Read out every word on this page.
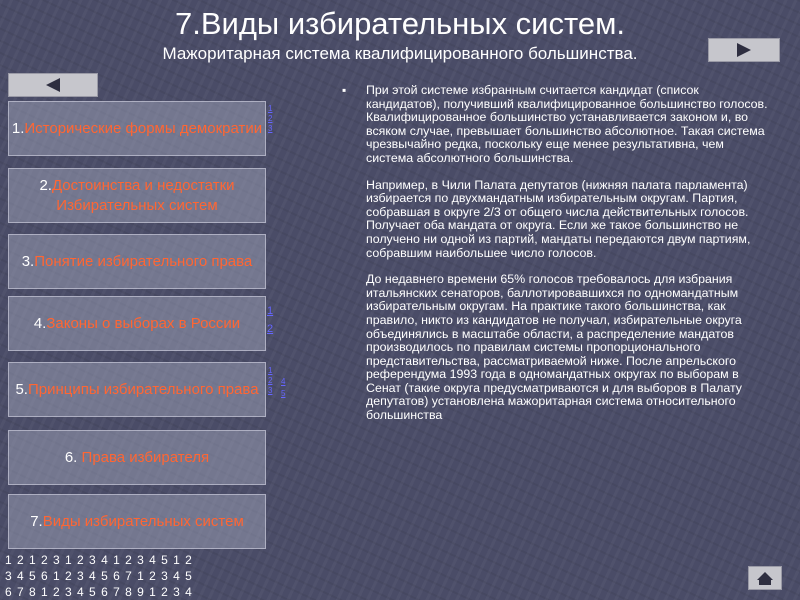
7.Виды избирательных систем.
Мажоритарная система квалифицированного большинства.
1.Исторические формы демократии
2.Достоинства и недостатки Избирательных систем
3.Понятие избирательного права
4.Законы о выборах в России
5.Принципы избирательного права
6. Права избирателя
7.Виды избирательных систем
1
2
3
1
2
1
2
3
4
5
▪ При этой системе избранным считается кандидат (список кандидатов), получивший квалифицированное большинство голосов. Квалифицированное большинство устанавливается законом и, во всяком случае, превышает большинство абсолютное. Такая система чрезвычайно редка, поскольку еще менее результативна, чем система абсолютного большинства.

Например, в Чили Палата депутатов (нижняя палата парламента) избирается по двухмандатным избирательным округам. Партия, собравшая в округе 2/3 от общего числа действительных голосов. Получает оба мандата от округа. Если же такое большинство не получено ни одной из партий, мандаты передаются двум партиям, собравшим наибольшее число голосов.

До недавнего времени 65% голосов требовалось для избрания итальянских сенаторов, баллотировавшихся по одномандатным избирательным округам. На практике такого большинства, как правило, никто из кандидатов не получал, избирательные округа объединялись в масштабе области, а распределение мандатов производилось по правилам системы пропорционального представительства, рассматриваемой ниже. После апрельского референдума 1993 года в одномандатных округах по выборам в Сенат (такие округа предусматриваются и для выборов в Палату депутатов) установлена мажоритарная система относительного большинства

1 2 1 2 3 1 2 3 4 1 2 3 4 5 1 2
3 4 5 6 1 2 3 4 5 6 7 1 2 3 4 5
6 7 8 1 2 3 4 5 6 7 8 9 1 2 3 4
